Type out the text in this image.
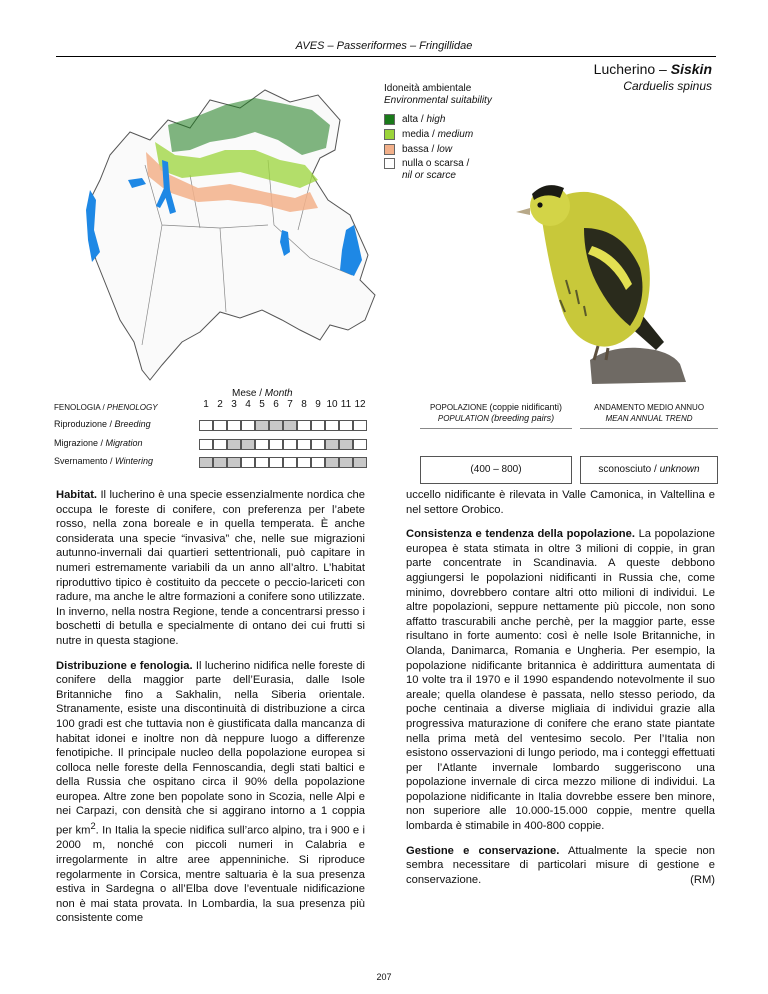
AVES – Passeriformes – Fringillidae
Lucherino – Siskin
Carduelis spinus
Idoneità ambientale
Environmental suitability
alta / high
media / medium
bassa / low
nulla o scarsa /
nil or scarce
FENOLOGIA / PHENOLOGY
Mese / Month
1 2 3 4 5 6 7 8 9 10 11 12
Riproduzione / Breeding
Migrazione / Migration
Svernamento / Wintering
POPOLAZIONE (coppie nidificanti)
POPULATION (breeding pairs)
ANDAMENTO MEDIO ANNUO
MEAN ANNUAL TREND
(400 – 800)	sconosciuto / unknown

Habitat. Il lucherino è una specie essenzialmente nordica che occupa le foreste di conifere, con preferenza per l’abete rosso, nella zona boreale e in quella temperata. È anche considerata una specie “invasiva” che, nelle sue migrazioni autunno-invernali dai quartieri settentrionali, può capitare in numeri estremamente variabili da un anno all’altro. L’habitat riproduttivo tipico è costituito da peccete o peccio-lariceti con radure, ma anche le altre formazioni a conifere sono utilizzate. In inverno, nella nostra Regione, tende a concentrarsi presso i boschetti di betulla e specialmente di ontano dei cui frutti si nutre in questa stagione.

Distribuzione e fenologia. Il lucherino nidifica nelle foreste di conifere della maggior parte dell’Eurasia, dalle Isole Britanniche fino a Sakhalin, nella Siberia orientale. Stranamente, esiste una discontinuità di distribuzione a circa 100 gradi est che tuttavia non è giustificata dalla mancanza di habitat idonei e inoltre non dà neppure luogo a differenze fenotipiche. Il principale nucleo della popolazione europea si colloca nelle foreste della Fennoscandia, degli stati baltici e della Russia che ospitano circa il 90% della popolazione europea. Altre zone ben popolate sono in Scozia, nelle Alpi e nei Carpazi, con densità che si aggirano intorno a 1 coppia per $km^2$. In Italia la specie nidifica sull’arco alpino, tra i 900 e i 2000 m, nonché con piccoli numeri in Calabria e irregolarmente in altre aree appenniniche. Si riproduce regolarmente in Corsica, mentre saltuaria è la sua presenza estiva in Sardegna o all’Elba dove l’eventuale nidificazione non è mai stata provata. In Lombardia, la sua presenza più consistente come

uccello nidificante è rilevata in Valle Camonica, in Valtellina e nel settore Orobico.

Consistenza e tendenza della popolazione. La popolazione europea è stata stimata in oltre 3 milioni di coppie, in gran parte concentrate in Scandinavia. A queste debbono aggiungersi le popolazioni nidificanti in Russia che, come minimo, dovrebbero contare altri otto milioni di individui. Le altre popolazioni, seppure nettamente più piccole, non sono affatto trascurabili anche perchè, per la maggior parte, esse risultano in forte aumento: così è nelle Isole Britanniche, in Olanda, Danimarca, Romania e Ungheria. Per esempio, la popolazione nidificante britannica è addirittura aumentata di 10 volte tra il 1970 e il 1990 espandendo notevolmente il suo areale; quella olandese è passata, nello stesso periodo, da poche centinaia a diverse migliaia di individui grazie alla progressiva maturazione di conifere che erano state piantate nella prima metà del ventesimo secolo. Per l’Italia non esistono osservazioni di lungo periodo, ma i conteggi effettuati per l’Atlante invernale lombardo suggeriscono una popolazione invernale di circa mezzo milione di individui. La popolazione nidificante in Italia dovrebbe essere ben minore, non superiore alle 10.000-15.000 coppie, mentre quella lombarda è stimabile in 400-800 coppie.

Gestione e conservazione. Attualmente la specie non sembra necessitare di particolari misure di gestione e conservazione.	(RM)

207
